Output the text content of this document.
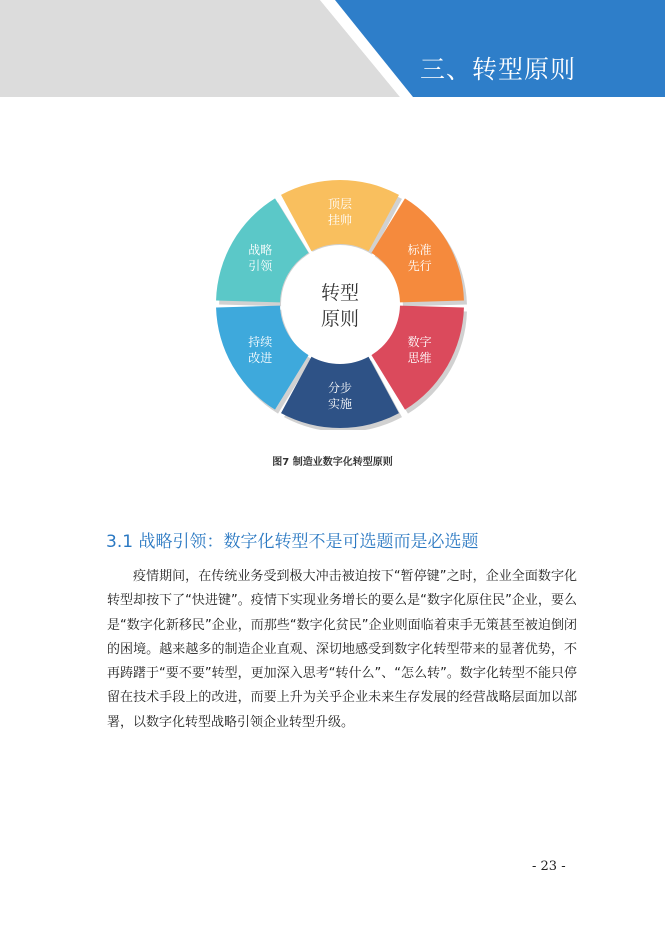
三、转型原则
顶层
挂帅
标准
先行
数字
思维
分步
实施
持续
改进
战略
引领
转型
原则
图7 制造业数字化转型原则
3.1 战略引领：数字化转型不是可选题而是必选题

疫情期间，在传统业务受到极大冲击被迫按下“暂停键”之时，企业全面数字化转型却按下了“快进键”。疫情下实现业务增长的要么是“数字化原住民”企业，要么是“数字化新移民”企业，而那些“数字化贫民”企业则面临着束手无策甚至被迫倒闭的困境。越来越多的制造企业直观、深切地感受到数字化转型带来的显著优势，不再踌躇于“要不要”转型，更加深入思考“转什么”、“怎么转”。数字化转型不能只停留在技术手段上的改进，而要上升为关乎企业未来生存发展的经营战略层面加以部署，以数字化转型战略引领企业转型升级。

- 23 -
